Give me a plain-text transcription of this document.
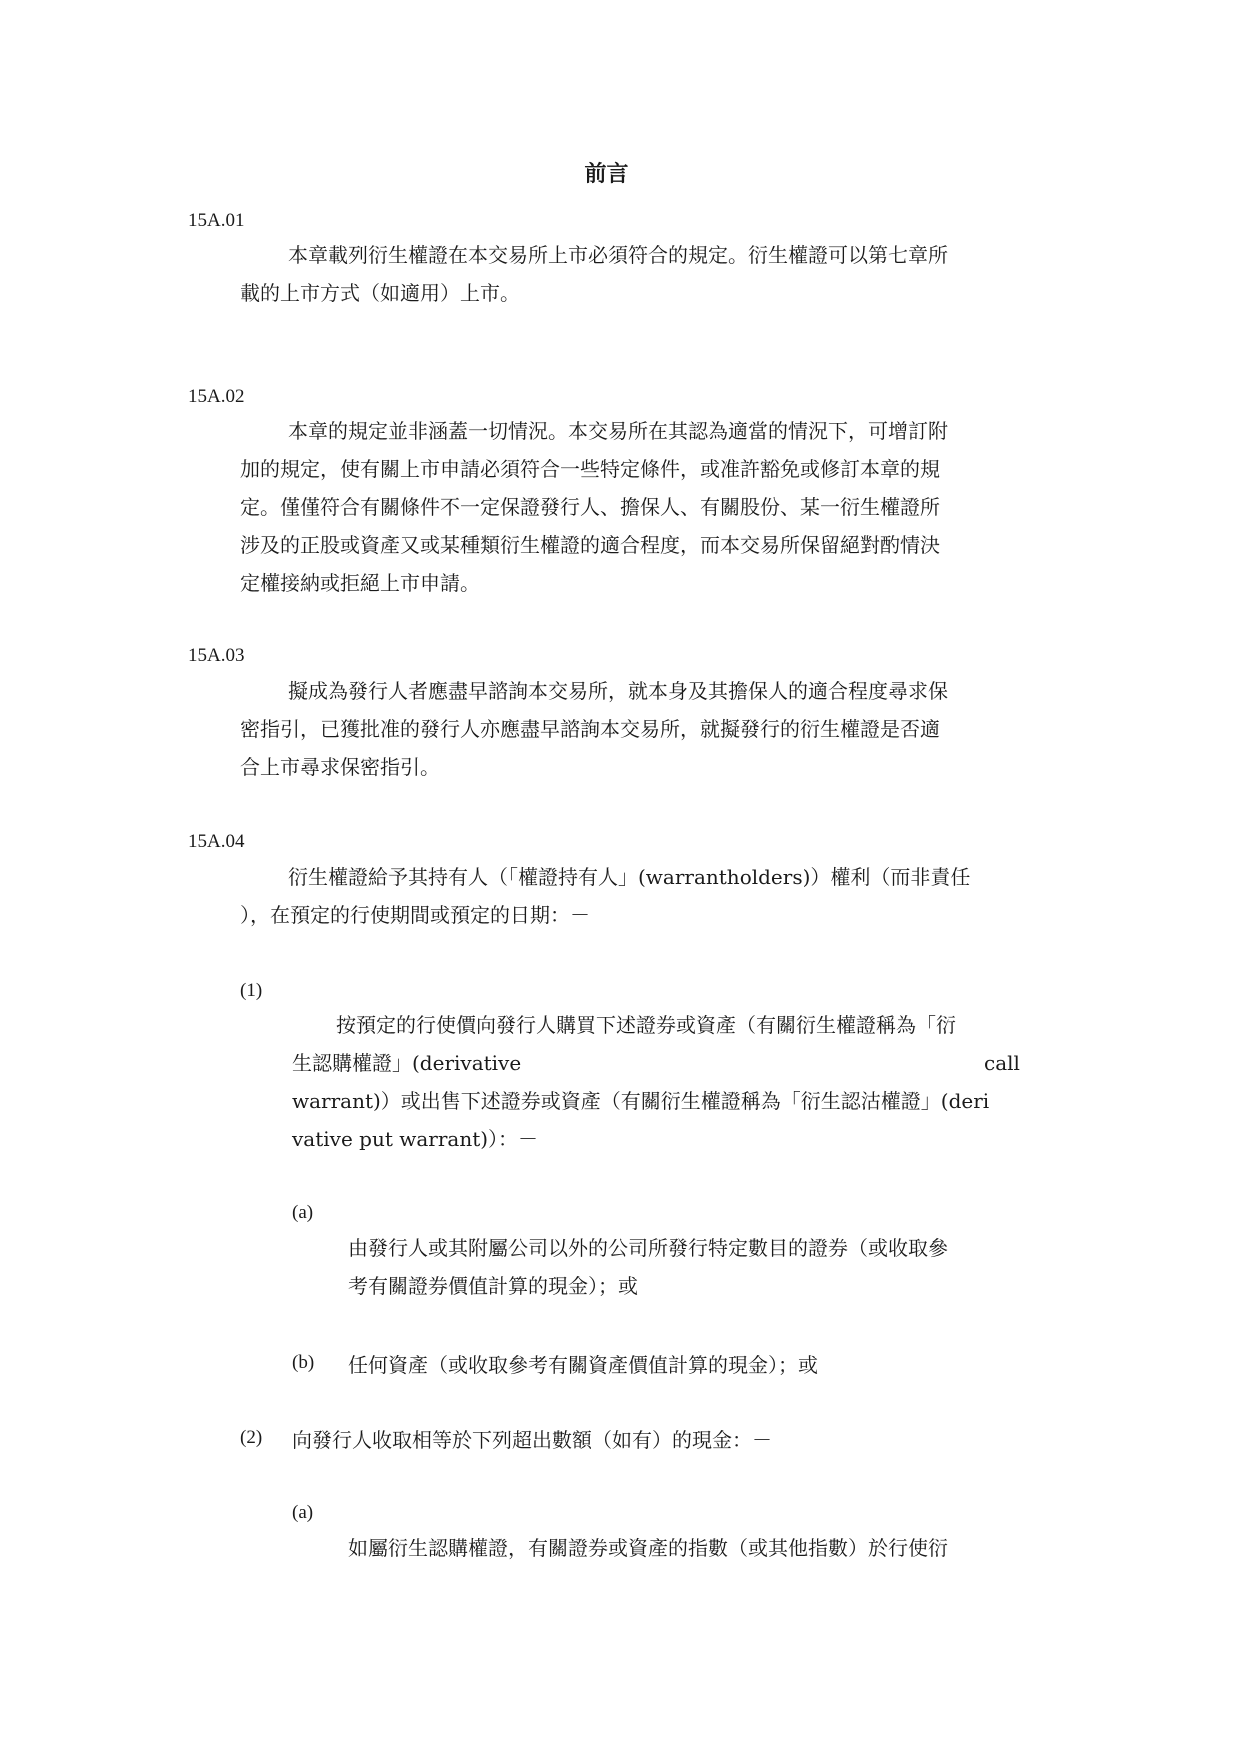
前言
15A.01
本章載列衍生權證在本交易所上市必須符合的規定。衍生權證可以第七章所
載的上市方式（如適用）上市。
15A.02
本章的規定並非涵蓋一切情況。本交易所在其認為適當的情況下，可增訂附
加的規定，使有關上市申請必須符合一些特定條件，或准許豁免或修訂本章的規
定。僅僅符合有關條件不一定保證發行人、擔保人、有關股份、某一衍生權證所
涉及的正股或資產又或某種類衍生權證的適合程度，而本交易所保留絕對酌情決
定權接納或拒絕上市申請。
15A.03
擬成為發行人者應盡早諮詢本交易所，就本身及其擔保人的適合程度尋求保
密指引，已獲批准的發行人亦應盡早諮詢本交易所，就擬發行的衍生權證是否適
合上市尋求保密指引。
15A.04
衍生權證給予其持有人（「權證持有人」(warrantholders)）權利（而非責任
），在預定的行使期間或預定的日期：－
(1)
按預定的行使價向發行人購買下述證券或資產（有關衍生權證稱為「衍
生認購權證」(derivative	call
warrant)）或出售下述證券或資產（有關衍生權證稱為「衍生認沽權證」(deri
vative put warrant)）：－
(a)
由發行人或其附屬公司以外的公司所發行特定數目的證券（或收取參
考有關證券價值計算的現金）；或
(b) 任何資產（或收取參考有關資產價值計算的現金）；或
(2) 向發行人收取相等於下列超出數額（如有）的現金：－
(a)
如屬衍生認購權證，有關證券或資產的指數（或其他指數）於行使衍
